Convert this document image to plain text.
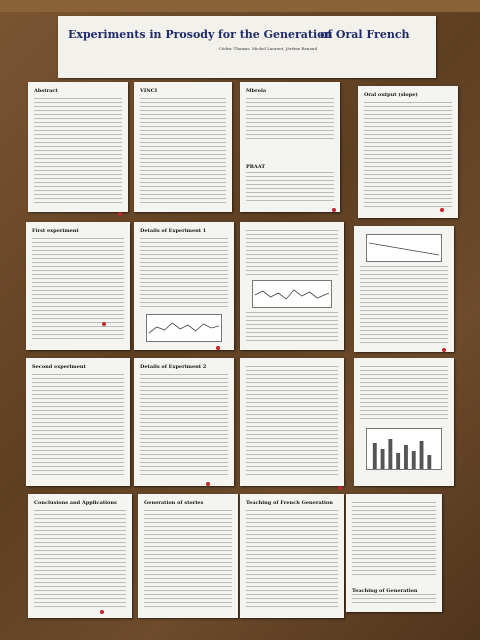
Experiments in Prosody for the Generation
of Oral French
Cédric Thomas, Michel Laurent, Jérôme Renaud
Abstract	VINCI	Mbrola
PRAAT
Oral output (slope)
First experiment	Details of Experiment 1
Second experiment	Details of Experiment 2
Conclusions and Applications	Generation of stories	Teaching of French Generation
Teaching of Generation
